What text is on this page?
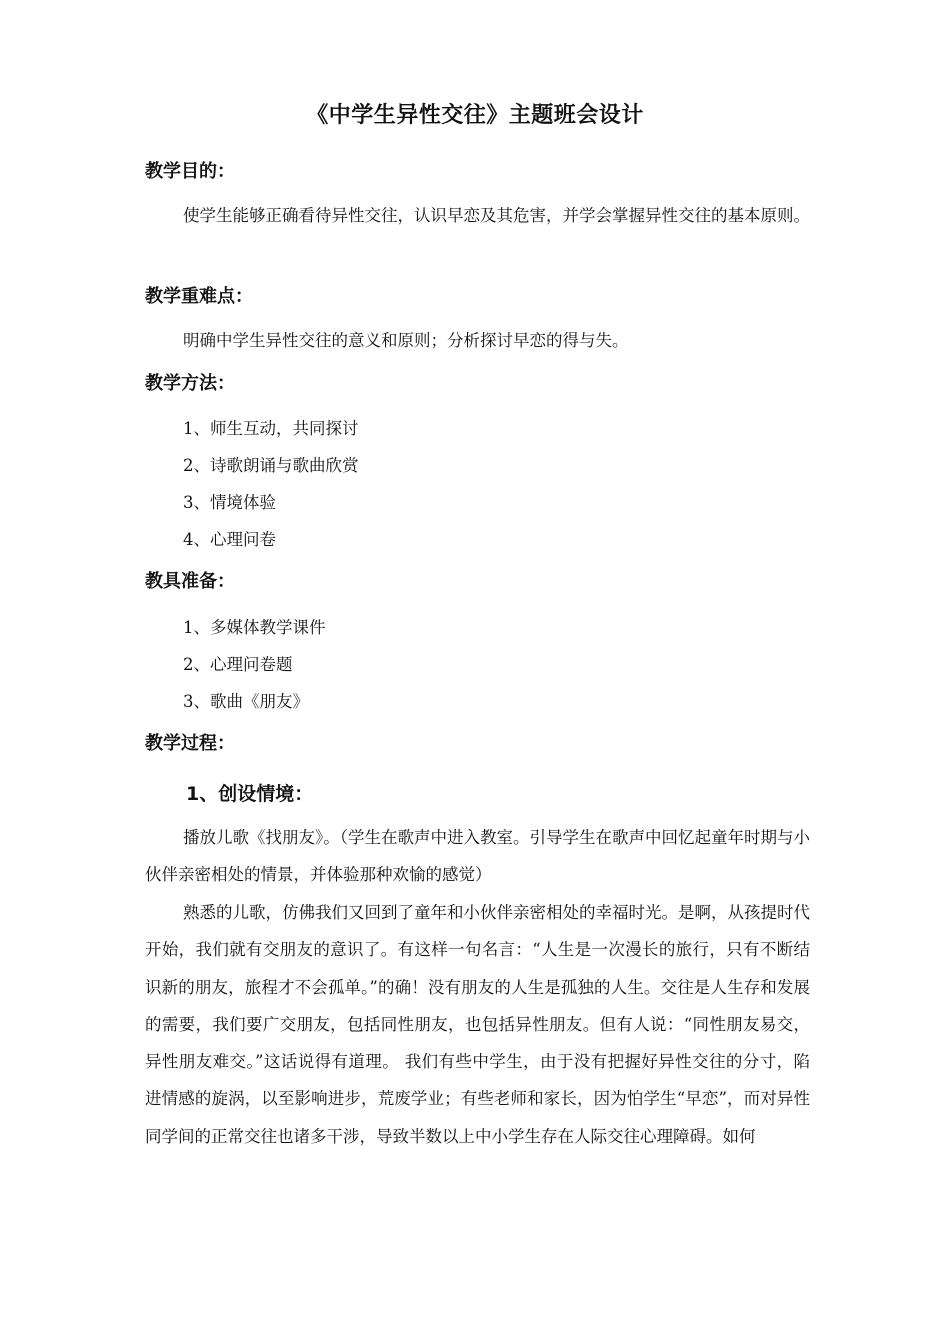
《中学生异性交往》主题班会设计
教学目的：

使学生能够正确看待异性交往，认识早恋及其危害，并学会掌握异性交往的基本原则。

教学重难点：

明确中学生异性交往的意义和原则；分析探讨早恋的得与失。

教学方法：
1、师生互动，共同探讨
2、诗歌朗诵与歌曲欣赏
3、情境体验
4、心理问卷
教具准备：
1、多媒体教学课件
2、心理问卷题
3、歌曲《朋友》
教学过程：
1、创设情境：

播放儿歌《找朋友》。（学生在歌声中进入教室。引导学生在歌声中回忆起童年时期与小伙伴亲密相处的情景，并体验那种欢愉的感觉）

熟悉的儿歌，仿佛我们又回到了童年和小伙伴亲密相处的幸福时光。是啊，从孩提时代开始，我们就有交朋友的意识了。有这样一句名言：“人生是一次漫长的旅行，只有不断结识新的朋友，旅程才不会孤单。”的确！没有朋友的人生是孤独的人生。交往是人生存和发展的需要，我们要广交朋友，包括同性朋友，也包括异性朋友。但有人说：“同性朋友易交，异性朋友难交。”这话说得有道理。 我们有些中学生，由于没有把握好异性交往的分寸，陷进情感的旋涡，以至影响进步，荒废学业；有些老师和家长，因为怕学生“早恋”，而对异性同学间的正常交往也诸多干涉，导致半数以上中小学生存在人际交往心理障碍。如何
